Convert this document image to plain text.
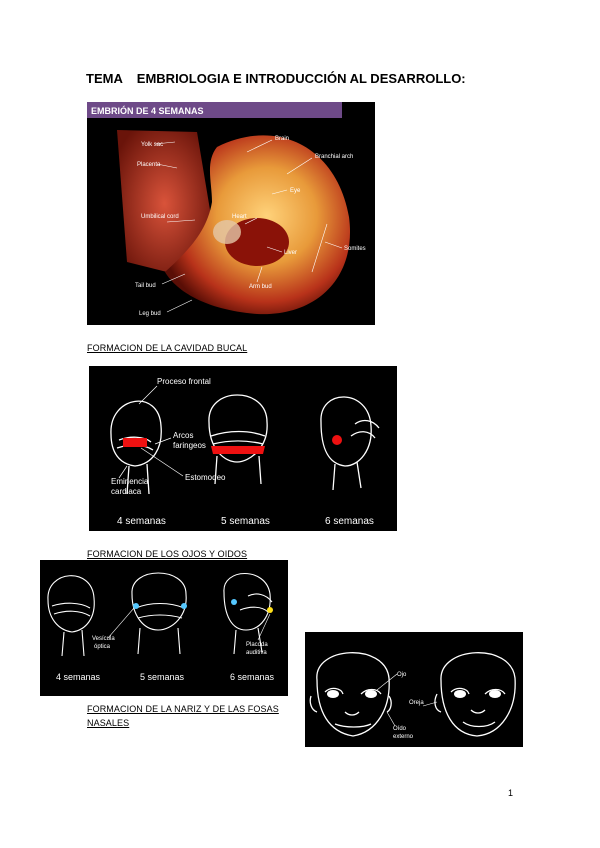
TEMA    EMBRIOLOGIA E INTRODUCCIÓN AL DESARROLLO:
EMBRIÓN DE 4 SEMANAS
Yolk sac
Placenta
Umbilical cord
Tail bud
Leg bud
Brain
Branchial arch
Eye
Heart
Liver
Arm bud
Somites
FORMACION DE LA CAVIDAD BUCAL
Proceso frontal
Arcos
faringeos
Estomodeo
Eminencia
cardiaca
4 semanas	5 semanas	6 semanas
FORMACION DE LOS OJOS Y OIDOS
Vesícula
óptica	Placoda
auditiva
4 semanas	5 semanas	6 semanas	Ojo
Oreja
Oído
externo
FORMACION DE LA NARIZ Y DE LAS FOSAS
NASALES
1
